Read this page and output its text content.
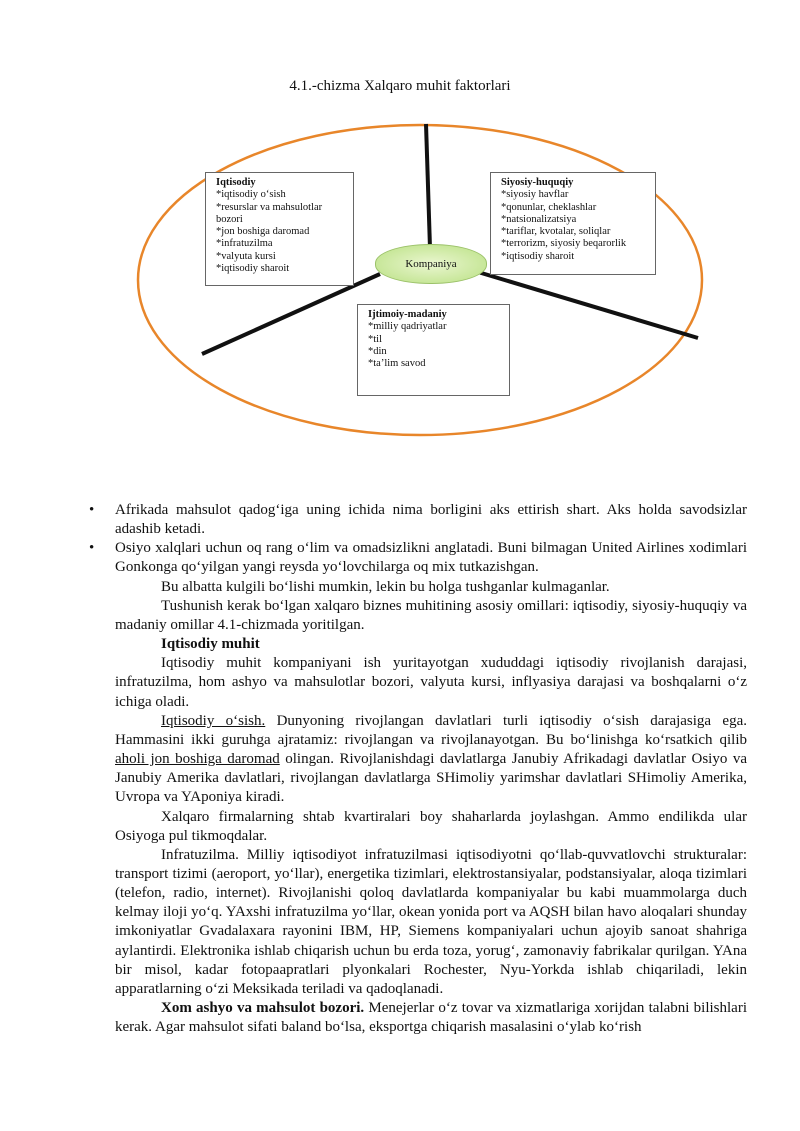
4.1.-chizma Xalqaro muhit faktorlari
Iqtisodiy
*iqtisodiy o‘sish
*resurslar va mahsulotlar bozori
*jon boshiga daromad
*infratuzilma
*valyuta kursi
*iqtisodiy sharoit
Siyosiy-huquqiy
*siyosiy havflar
*qonunlar, cheklashlar
*natsionalizatsiya
*tariflar, kvotalar, soliqlar
*terrorizm, siyosiy beqarorlik
*iqtisodiy sharoit
Ijtimoiy-madaniy
*milliy qadriyatlar
*til
*din
*ta’lim savod
Kompaniya

• Afrikada mahsulot qadog‘iga uning ichida nima borligini aks ettirish shart. Aks holda savodsizlar adashib ketadi.

• Osiyo xalqlari uchun oq rang o‘lim va omadsizlikni anglatadi. Buni bilmagan United Airlines xodimlari Gonkonga qo‘yilgan yangi reysda yo‘lovchilarga oq mix tutkazishgan.

Bu albatta kulgili bo‘lishi mumkin, lekin bu holga tushganlar kulmaganlar.

Tushunish kerak bo‘lgan xalqaro biznes muhitining asosiy omillari: iqtisodiy, siyosiy-huquqiy va madaniy omillar 4.1-chizmada yoritilgan.

Iqtisodiy muhit

Iqtisodiy muhit kompaniyani ish yuritayotgan xududdagi iqtisodiy rivojlanish darajasi, infratuzilma, hom ashyo va mahsulotlar bozori, valyuta kursi, inflyasiya darajasi va boshqalarni o‘z ichiga oladi.

Iqtisodiy o‘sish. Dunyoning rivojlangan davlatlari turli iqtisodiy o‘sish darajasiga ega. Hammasini ikki guruhga ajratamiz: rivojlangan va rivojlanayotgan. Bu bo‘linishga ko‘rsatkich qilib aholi jon boshiga daromad olingan. Rivojlanishdagi davlatlarga Janubiy Afrikadagi davlatlar Osiyo va Janubiy Amerika davlatlari, rivojlangan davlatlarga SHimoliy yarimshar davlatlari SHimoliy Amerika, Uvropa va YAponiya kiradi.

Xalqaro firmalarning shtab kvartiralari boy shaharlarda joylashgan. Ammo endilikda ular Osiyoga pul tikmoqdalar.

Infratuzilma. Milliy iqtisodiyot infratuzilmasi iqtisodiyotni qo‘llab-quvvatlovchi strukturalar: transport tizimi (aeroport, yo‘llar), energetika tizimlari, elektrostansiyalar, podstansiyalar, aloqa tizimlari (telefon, radio, internet). Rivojlanishi qoloq davlatlarda kompaniyalar bu kabi muammolarga duch kelmay iloji yo‘q. YAxshi infratuzilma yo‘llar, okean yonida port va AQSH bilan havo aloqalari shunday imkoniyatlar Gvadalaxara rayonini IBM, HP, Siemens kompaniyalari uchun ajoyib sanoat shahriga aylantirdi. Elektronika ishlab chiqarish uchun bu erda toza, yorug‘, zamonaviy fabrikalar qurilgan. YAna bir misol, kadar fotopaapratlari plyonkalari Rochester, Nyu-Yorkda ishlab chiqariladi, lekin apparatlarning o‘zi Meksikada teriladi va qadoqlanadi.

Xom ashyo va mahsulot bozori. Menejerlar o‘z tovar va xizmatlariga xorijdan talabni bilishlari kerak. Agar mahsulot sifati baland bo‘lsa, eksportga chiqarish masalasini o‘ylab ko‘rish
